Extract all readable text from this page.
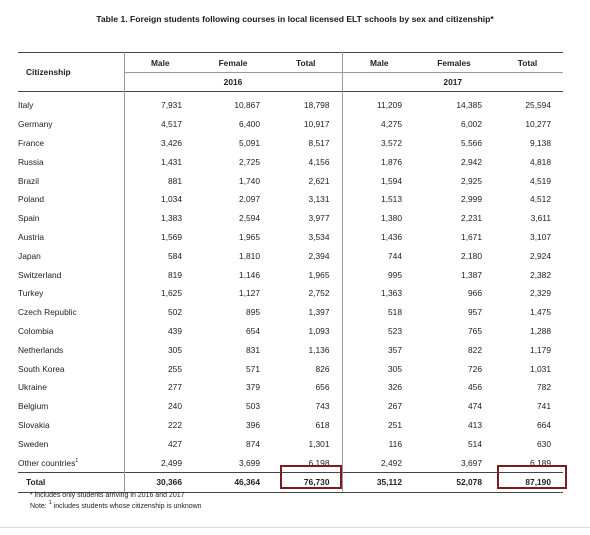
Table 1. Foreign students following courses in local licensed ELT schools by sex and citizenship*
Citizenship	Male	Female	Total	Male	Females	Total
	2016			2017		
Italy	7,931	10,867	18,798	11,209	14,385	25,594
Germany	4,517	6,400	10,917	4,275	6,002	10,277
France	3,426	5,091	8,517	3,572	5,566	9,138
Russia	1,431	2,725	4,156	1,876	2,942	4,818
Brazil	881	1,740	2,621	1,594	2,925	4,519
Poland	1,034	2,097	3,131	1,513	2,999	4,512
Spain	1,383	2,594	3,977	1,380	2,231	3,611
Austria	1,569	1,965	3,534	1,436	1,671	3,107
Japan	584	1,810	2,394	744	2,180	2,924
Switzerland	819	1,146	1,965	995	1,387	2,382
Turkey	1,625	1,127	2,752	1,363	966	2,329
Czech Republic	502	895	1,397	518	957	1,475
Colombia	439	654	1,093	523	765	1,288
Netherlands	305	831	1,136	357	822	1,179
South Korea	255	571	826	305	726	1,031
Ukraine	277	379	656	326	456	782
Belgium	240	503	743	267	474	741
Slovakia	222	396	618	251	413	664
Sweden	427	874	1,301	116	514	630
Other countries$^1$	2,499	3,699	6,198	2,492	3,697	6,189
Total	30,366	46,364	76,730	35,112	52,078	87,190
* includes only students arriving in 2016 and 2017
Note: $^1$ includes students whose citizenship is unknown
